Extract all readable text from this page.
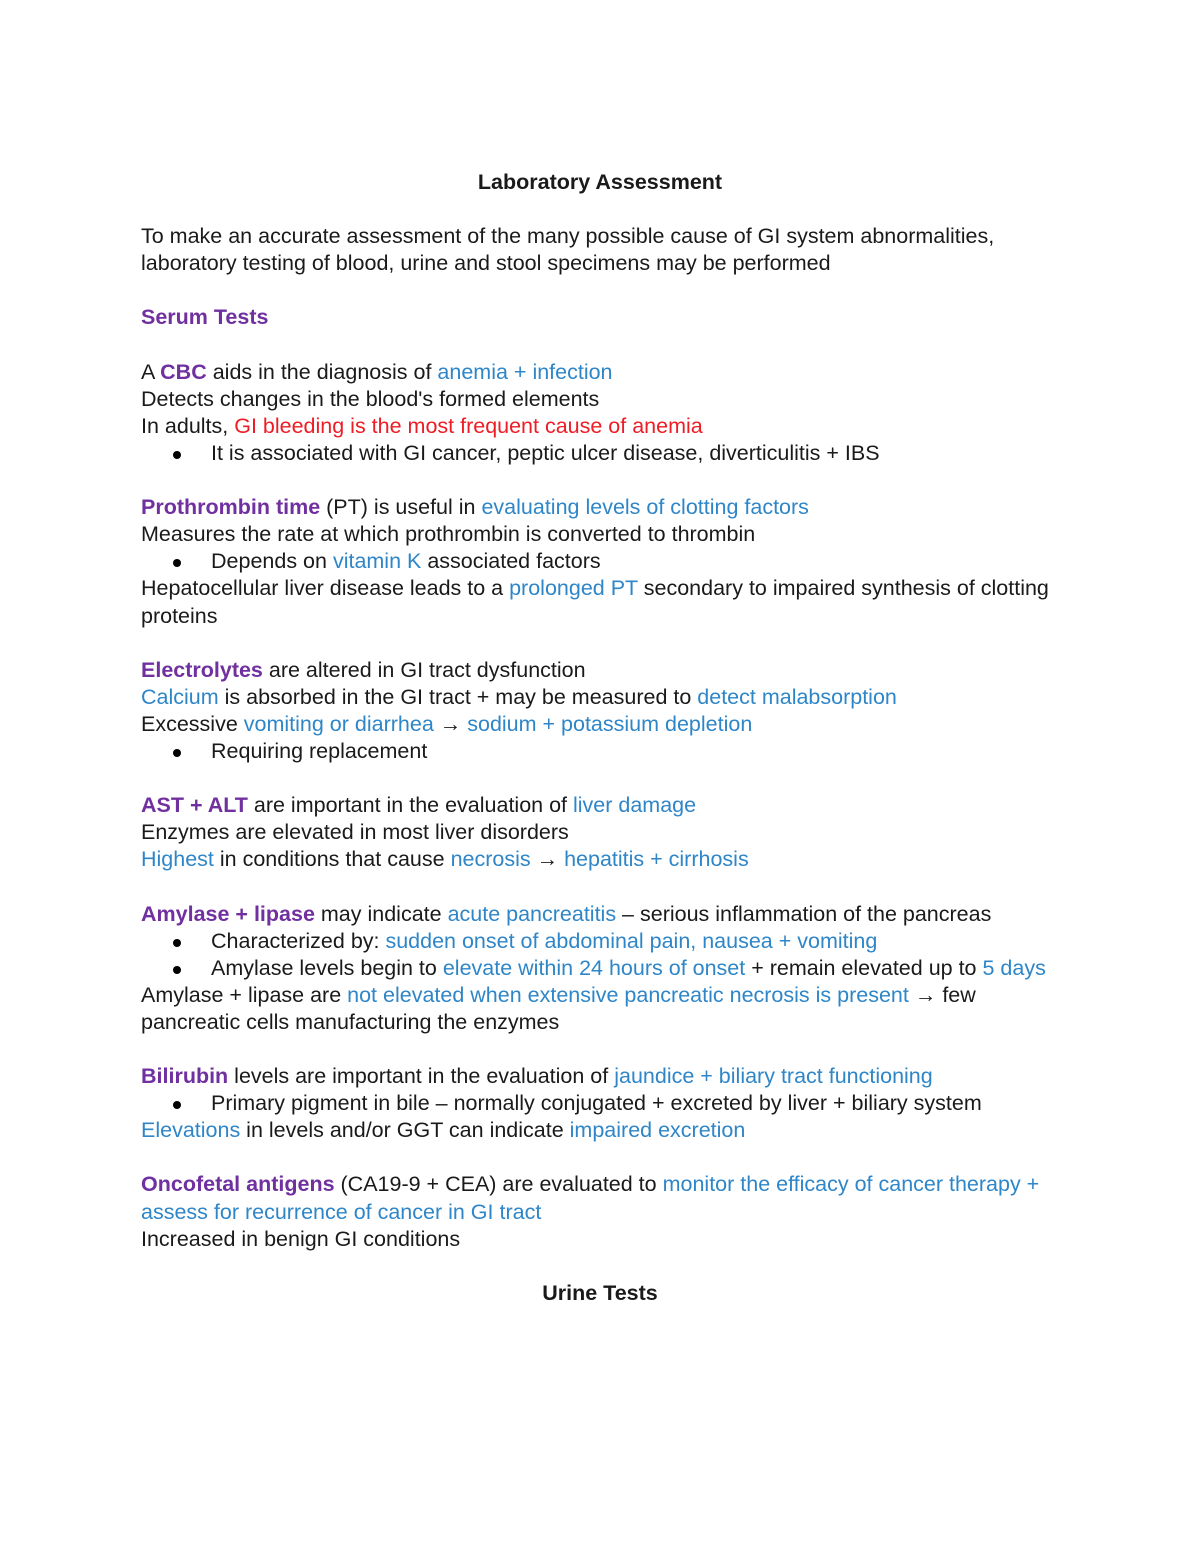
Laboratory Assessment
To make an accurate assessment of the many possible cause of GI system abnormalities, laboratory testing of blood, urine and stool specimens may be performed
Serum Tests
A CBC aids in the diagnosis of anemia + infection
Detects changes in the blood's formed elements
In adults, GI bleeding is the most frequent cause of anemia
It is associated with GI cancer, peptic ulcer disease, diverticulitis + IBS
Prothrombin time (PT) is useful in evaluating levels of clotting factors
Measures the rate at which prothrombin is converted to thrombin
Depends on vitamin K associated factors
Hepatocellular liver disease leads to a prolonged PT secondary to impaired synthesis of clotting proteins
Electrolytes are altered in GI tract dysfunction
Calcium is absorbed in the GI tract + may be measured to detect malabsorption
Excessive vomiting or diarrhea → sodium + potassium depletion
Requiring replacement
AST + ALT are important in the evaluation of liver damage
Enzymes are elevated in most liver disorders
Highest in conditions that cause necrosis → hepatitis + cirrhosis
Amylase + lipase may indicate acute pancreatitis – serious inflammation of the pancreas
Characterized by: sudden onset of abdominal pain, nausea + vomiting
Amylase levels begin to elevate within 24 hours of onset + remain elevated up to 5 days
Amylase + lipase are not elevated when extensive pancreatic necrosis is present → few pancreatic cells manufacturing the enzymes
Bilirubin levels are important in the evaluation of jaundice + biliary tract functioning
Primary pigment in bile – normally conjugated + excreted by liver + biliary system
Elevations in levels and/or GGT can indicate impaired excretion
Oncofetal antigens (CA19-9 + CEA) are evaluated to monitor the efficacy of cancer therapy + assess for recurrence of cancer in GI tract
Increased in benign GI conditions
Urine Tests
